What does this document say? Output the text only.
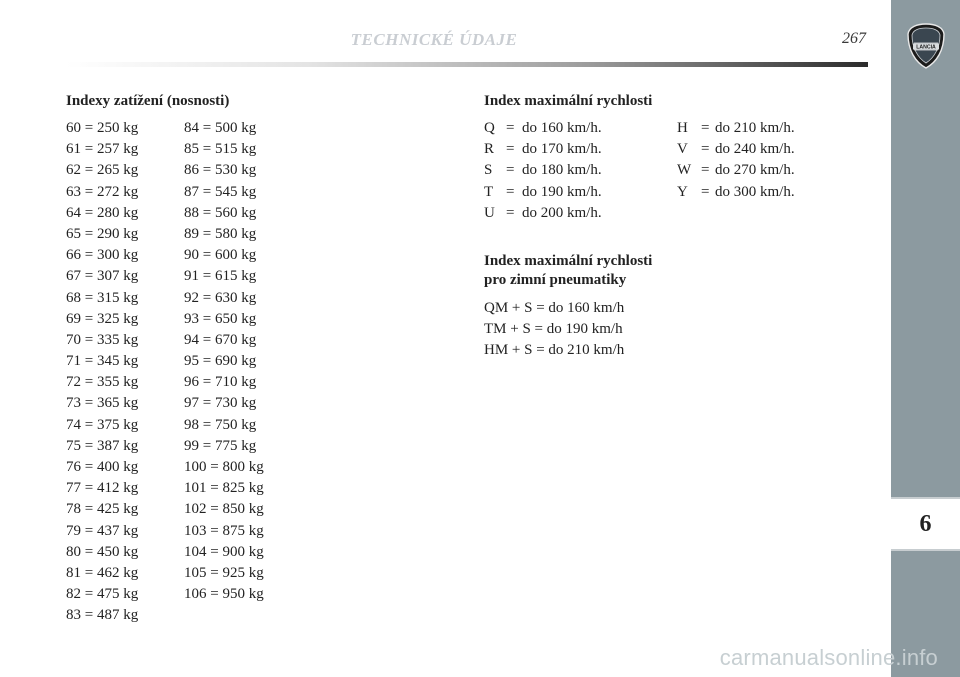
TECHNICKÉ ÚDAJE	267
LANCIA
6
Indexy zatížení (nosnosti)
60 = 250 kg
61 = 257 kg
62 = 265 kg
63 = 272 kg
64 = 280 kg
65 = 290 kg
66 = 300 kg
67 = 307 kg
68 = 315 kg
69 = 325 kg
70 = 335 kg
71 = 345 kg
72 = 355 kg
73 = 365 kg
74 = 375 kg
75 = 387 kg
76 = 400 kg
77 = 412 kg
78 = 425 kg
79 = 437 kg
80 = 450 kg
81 = 462 kg
82 = 475 kg
83 = 487 kg
84 = 500 kg
85 = 515 kg
86 = 530 kg
87 = 545 kg
88 = 560 kg
89 = 580 kg
90 = 600 kg
91 = 615 kg
92 = 630 kg
93 = 650 kg
94 = 670 kg
95 = 690 kg
96 = 710 kg
97 = 730 kg
98 = 750 kg
99 = 775 kg
100 = 800 kg
101 = 825 kg
102 = 850 kg
103 = 875 kg
104 = 900 kg
105 = 925 kg
106 = 950 kg
Index maximální rychlosti
Q = do 160 km/h.
R = do 170 km/h.
S = do 180 km/h.
T = do 190 km/h.
U = do 200 km/h.
H = do 210 km/h.
V = do 240 km/h.
W = do 270 km/h.
Y = do 300 km/h.
Index maximální rychlosti
pro zimní pneumatiky
QM + S = do 160 km/h
TM + S = do 190 km/h
HM + S = do 210 km/h
carmanualsonline.info
